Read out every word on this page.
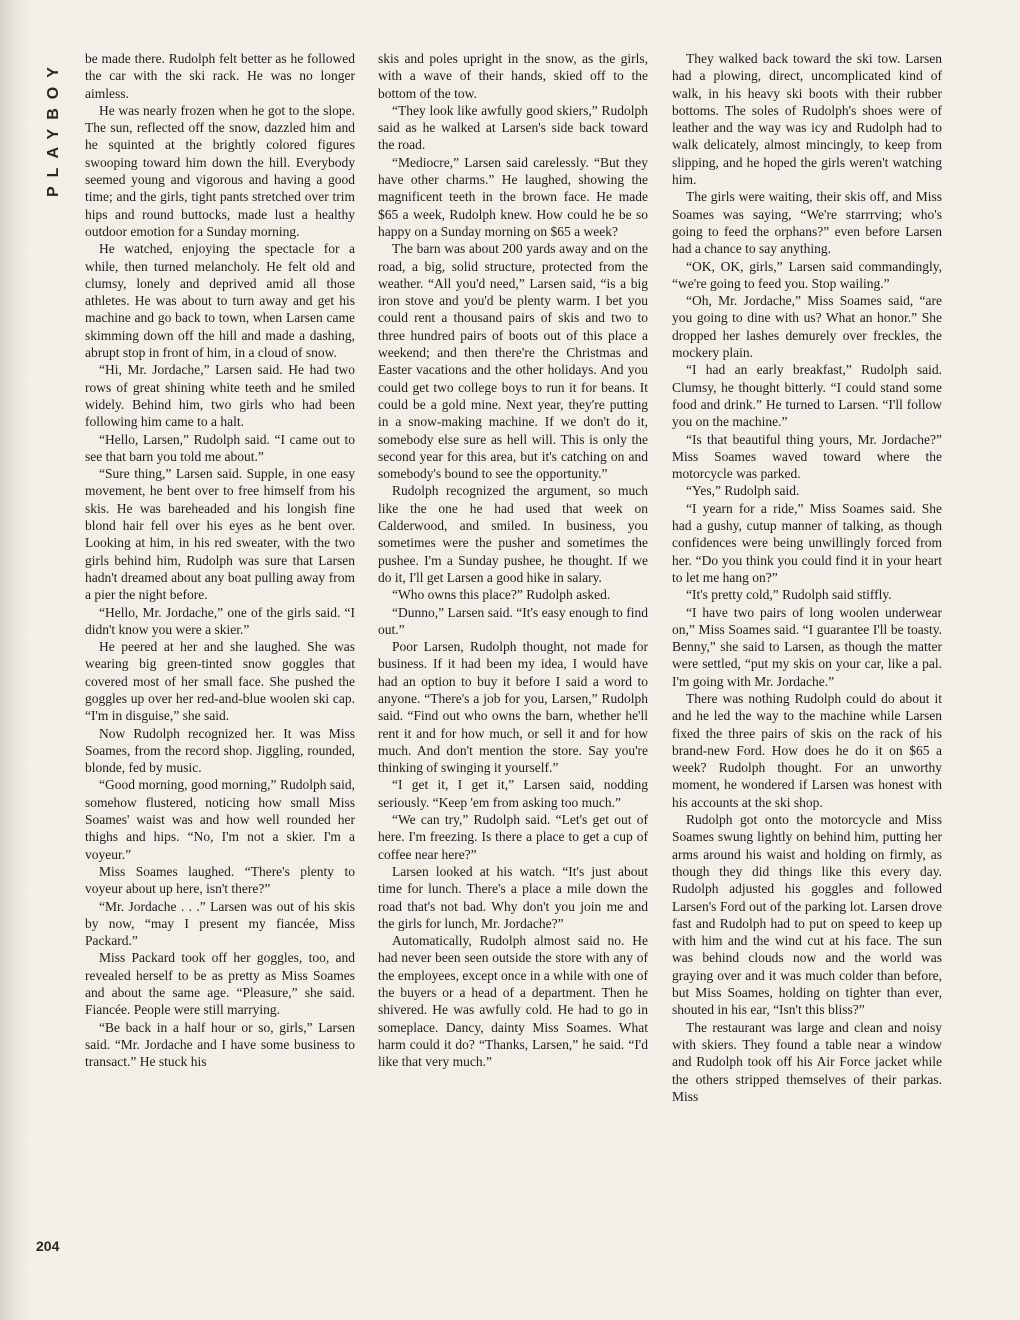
PLAYBOY

be made there. Rudolph felt better as he followed the car with the ski rack. He was no longer aimless.

He was nearly frozen when he got to the slope. The sun, reflected off the snow, dazzled him and he squinted at the brightly colored figures swooping toward him down the hill. Everybody seemed young and vigorous and having a good time; and the girls, tight pants stretched over trim hips and round buttocks, made lust a healthy outdoor emotion for a Sunday morning.

He watched, enjoying the spectacle for a while, then turned melancholy. He felt old and clumsy, lonely and deprived amid all those athletes. He was about to turn away and get his machine and go back to town, when Larsen came skimming down off the hill and made a dashing, abrupt stop in front of him, in a cloud of snow.

“Hi, Mr. Jordache,” Larsen said. He had two rows of great shining white teeth and he smiled widely. Behind him, two girls who had been following him came to a halt.

“Hello, Larsen,” Rudolph said. “I came out to see that barn you told me about.”

“Sure thing,” Larsen said. Supple, in one easy movement, he bent over to free himself from his skis. He was bareheaded and his longish fine blond hair fell over his eyes as he bent over. Looking at him, in his red sweater, with the two girls behind him, Rudolph was sure that Larsen hadn't dreamed about any boat pulling away from a pier the night before.

“Hello, Mr. Jordache,” one of the girls said. “I didn't know you were a skier.”

He peered at her and she laughed. She was wearing big green-tinted snow goggles that covered most of her small face. She pushed the goggles up over her red-and-blue woolen ski cap. “I'm in disguise,” she said.

Now Rudolph recognized her. It was Miss Soames, from the record shop. Jiggling, rounded, blonde, fed by music.

“Good morning, good morning,” Rudolph said, somehow flustered, noticing how small Miss Soames' waist was and how well rounded her thighs and hips. “No, I'm not a skier. I'm a voyeur.”

Miss Soames laughed. “There's plenty to voyeur about up here, isn't there?”

“Mr. Jordache . . .” Larsen was out of his skis by now, “may I present my fiancée, Miss Packard.”

Miss Packard took off her goggles, too, and revealed herself to be as pretty as Miss Soames and about the same age. “Pleasure,” she said. Fiancée. People were still marrying.

“Be back in a half hour or so, girls,” Larsen said. “Mr. Jordache and I have some business to transact.” He stuck his

skis and poles upright in the snow, as the girls, with a wave of their hands, skied off to the bottom of the tow.

“They look like awfully good skiers,” Rudolph said as he walked at Larsen's side back toward the road.

“Mediocre,” Larsen said carelessly. “But they have other charms.” He laughed, showing the magnificent teeth in the brown face. He made $65 a week, Rudolph knew. How could he be so happy on a Sunday morning on $65 a week?

The barn was about 200 yards away and on the road, a big, solid structure, protected from the weather. “All you'd need,” Larsen said, “is a big iron stove and you'd be plenty warm. I bet you could rent a thousand pairs of skis and two to three hundred pairs of boots out of this place a weekend; and then there're the Christmas and Easter vacations and the other holidays. And you could get two college boys to run it for beans. It could be a gold mine. Next year, they're putting in a snow-making machine. If we don't do it, somebody else sure as hell will. This is only the second year for this area, but it's catching on and somebody's bound to see the opportunity.”

Rudolph recognized the argument, so much like the one he had used that week on Calderwood, and smiled. In business, you sometimes were the pusher and sometimes the pushee. I'm a Sunday pushee, he thought. If we do it, I'll get Larsen a good hike in salary.

“Who owns this place?” Rudolph asked.

“Dunno,” Larsen said. “It's easy enough to find out.”

Poor Larsen, Rudolph thought, not made for business. If it had been my idea, I would have had an option to buy it before I said a word to anyone. “There's a job for you, Larsen,” Rudolph said. “Find out who owns the barn, whether he'll rent it and for how much, or sell it and for how much. And don't mention the store. Say you're thinking of swinging it yourself.”

“I get it, I get it,” Larsen said, nodding seriously. “Keep 'em from asking too much.”

“We can try,” Rudolph said. “Let's get out of here. I'm freezing. Is there a place to get a cup of coffee near here?”

Larsen looked at his watch. “It's just about time for lunch. There's a place a mile down the road that's not bad. Why don't you join me and the girls for lunch, Mr. Jordache?”

Automatically, Rudolph almost said no. He had never been seen outside the store with any of the employees, except once in a while with one of the buyers or a head of a department. Then he shivered. He was awfully cold. He had to go in someplace. Dancy, dainty Miss Soames. What harm could it do? “Thanks, Larsen,” he said. “I'd like that very much.”

They walked back toward the ski tow. Larsen had a plowing, direct, uncomplicated kind of walk, in his heavy ski boots with their rubber bottoms. The soles of Rudolph's shoes were of leather and the way was icy and Rudolph had to walk delicately, almost mincingly, to keep from slipping, and he hoped the girls weren't watching him.

The girls were waiting, their skis off, and Miss Soames was saying, “We're starrrving; who's going to feed the orphans?” even before Larsen had a chance to say anything.

“OK, OK, girls,” Larsen said commandingly, “we're going to feed you. Stop wailing.”

“Oh, Mr. Jordache,” Miss Soames said, “are you going to dine with us? What an honor.” She dropped her lashes demurely over freckles, the mockery plain.

“I had an early breakfast,” Rudolph said. Clumsy, he thought bitterly. “I could stand some food and drink.” He turned to Larsen. “I'll follow you on the machine.”

“Is that beautiful thing yours, Mr. Jordache?” Miss Soames waved toward where the motorcycle was parked.

“Yes,” Rudolph said.

“I yearn for a ride,” Miss Soames said. She had a gushy, cutup manner of talking, as though confidences were being unwillingly forced from her. “Do you think you could find it in your heart to let me hang on?”

“It's pretty cold,” Rudolph said stiffly.

“I have two pairs of long woolen underwear on,” Miss Soames said. “I guarantee I'll be toasty. Benny,” she said to Larsen, as though the matter were settled, “put my skis on your car, like a pal. I'm going with Mr. Jordache.”

There was nothing Rudolph could do about it and he led the way to the machine while Larsen fixed the three pairs of skis on the rack of his brand-new Ford. How does he do it on $65 a week? Rudolph thought. For an unworthy moment, he wondered if Larsen was honest with his accounts at the ski shop.

Rudolph got onto the motorcycle and Miss Soames swung lightly on behind him, putting her arms around his waist and holding on firmly, as though they did things like this every day. Rudolph adjusted his goggles and followed Larsen's Ford out of the parking lot. Larsen drove fast and Rudolph had to put on speed to keep up with him and the wind cut at his face. The sun was behind clouds now and the world was graying over and it was much colder than before, but Miss Soames, holding on tighter than ever, shouted in his ear, “Isn't this bliss?”

The restaurant was large and clean and noisy with skiers. They found a table near a window and Rudolph took off his Air Force jacket while the others stripped themselves of their parkas. Miss

204
